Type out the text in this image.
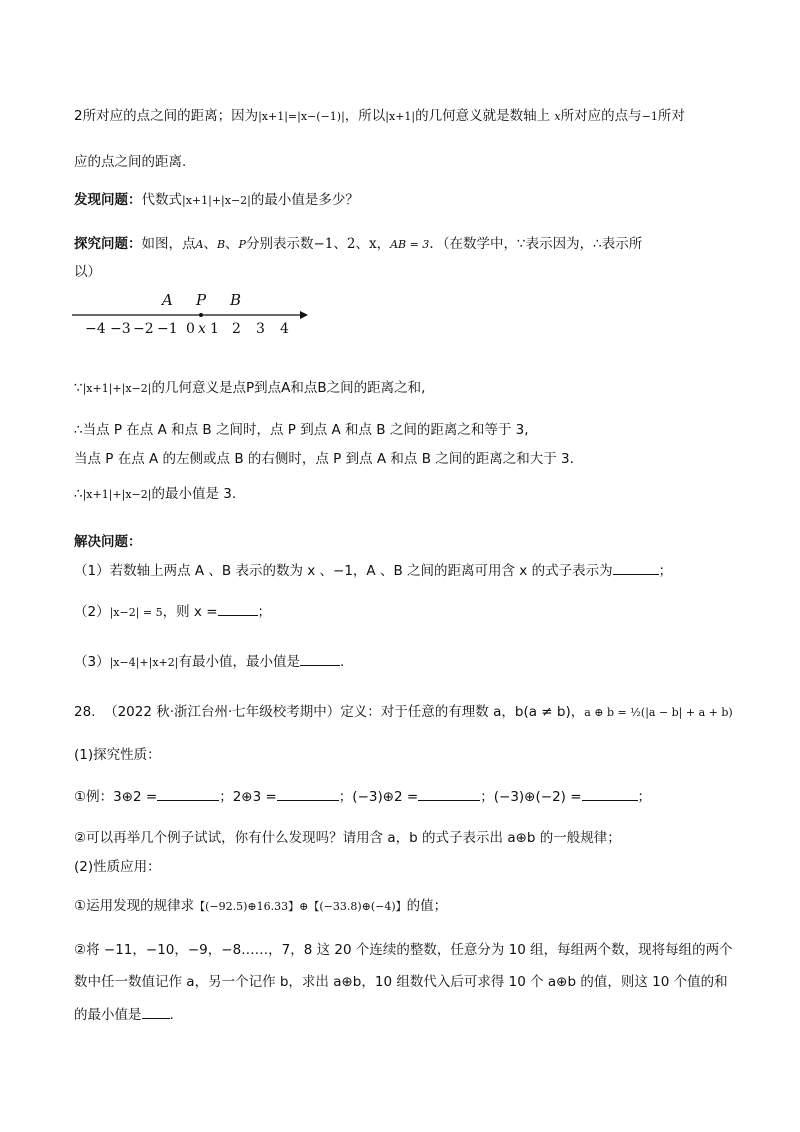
2所对应的点之间的距离；因为|x+1|=|x−(−1)|，所以|x+1|的几何意义就是数轴上 x所对应的点与−1所对
应的点之间的距离.
发现问题：代数式|x+1|+|x−2|的最小值是多少？
探究问题：如图，点A、B、P分别表示数−1、2、x，AB = 3．（在数学中，∵表示因为，∴表示所
以）
A P B
−4 −3 −2 −1 0 x 1 2 3 4
∵|x+1|+|x−2|的几何意义是点P到点A和点B之间的距离之和,
∴当点 P 在点 A 和点 B 之间时，点 P 到点 A 和点 B 之间的距离之和等于 3,
当点 P 在点 A 的左侧或点 B 的右侧时，点 P 到点 A 和点 B 之间的距离之和大于 3.
∴|x+1|+|x−2|的最小值是 3.
解决问题：
（1）若数轴上两点 A 、B 表示的数为 x 、−1，A 、B 之间的距离可用含 x 的式子表示为	；
（2）|x−2| = 5，则 x =	；
（3）|x−4|+|x+2|有最小值，最小值是	.
28. （2022 秋·浙江台州·七年级校考期中）定义：对于任意的有理数 a，b(a ≠ b)，a ⊕ b = ½(|a − b| + a + b)
(1)探究性质：
①例：3⊕2 =	；2⊕3 =	；(−3)⊕2 =	；(−3)⊕(−2) =	；
②可以再举几个例子试试，你有什么发现吗？请用含 a，b 的式子表示出 a⊕b 的一般规律；
(2)性质应用：
①运用发现的规律求【(−92.5)⊕16.33】⊕【(−33.8)⊕(−4)】的值；
②将 −11，−10，−9，−8……，7，8 这 20 个连续的整数，任意分为 10 组，每组两个数，现将每组的两个
数中任一数值记作 a，另一个记作 b，求出 a⊕b，10 组数代入后可求得 10 个 a⊕b 的值，则这 10 个值的和
的最小值是 .
